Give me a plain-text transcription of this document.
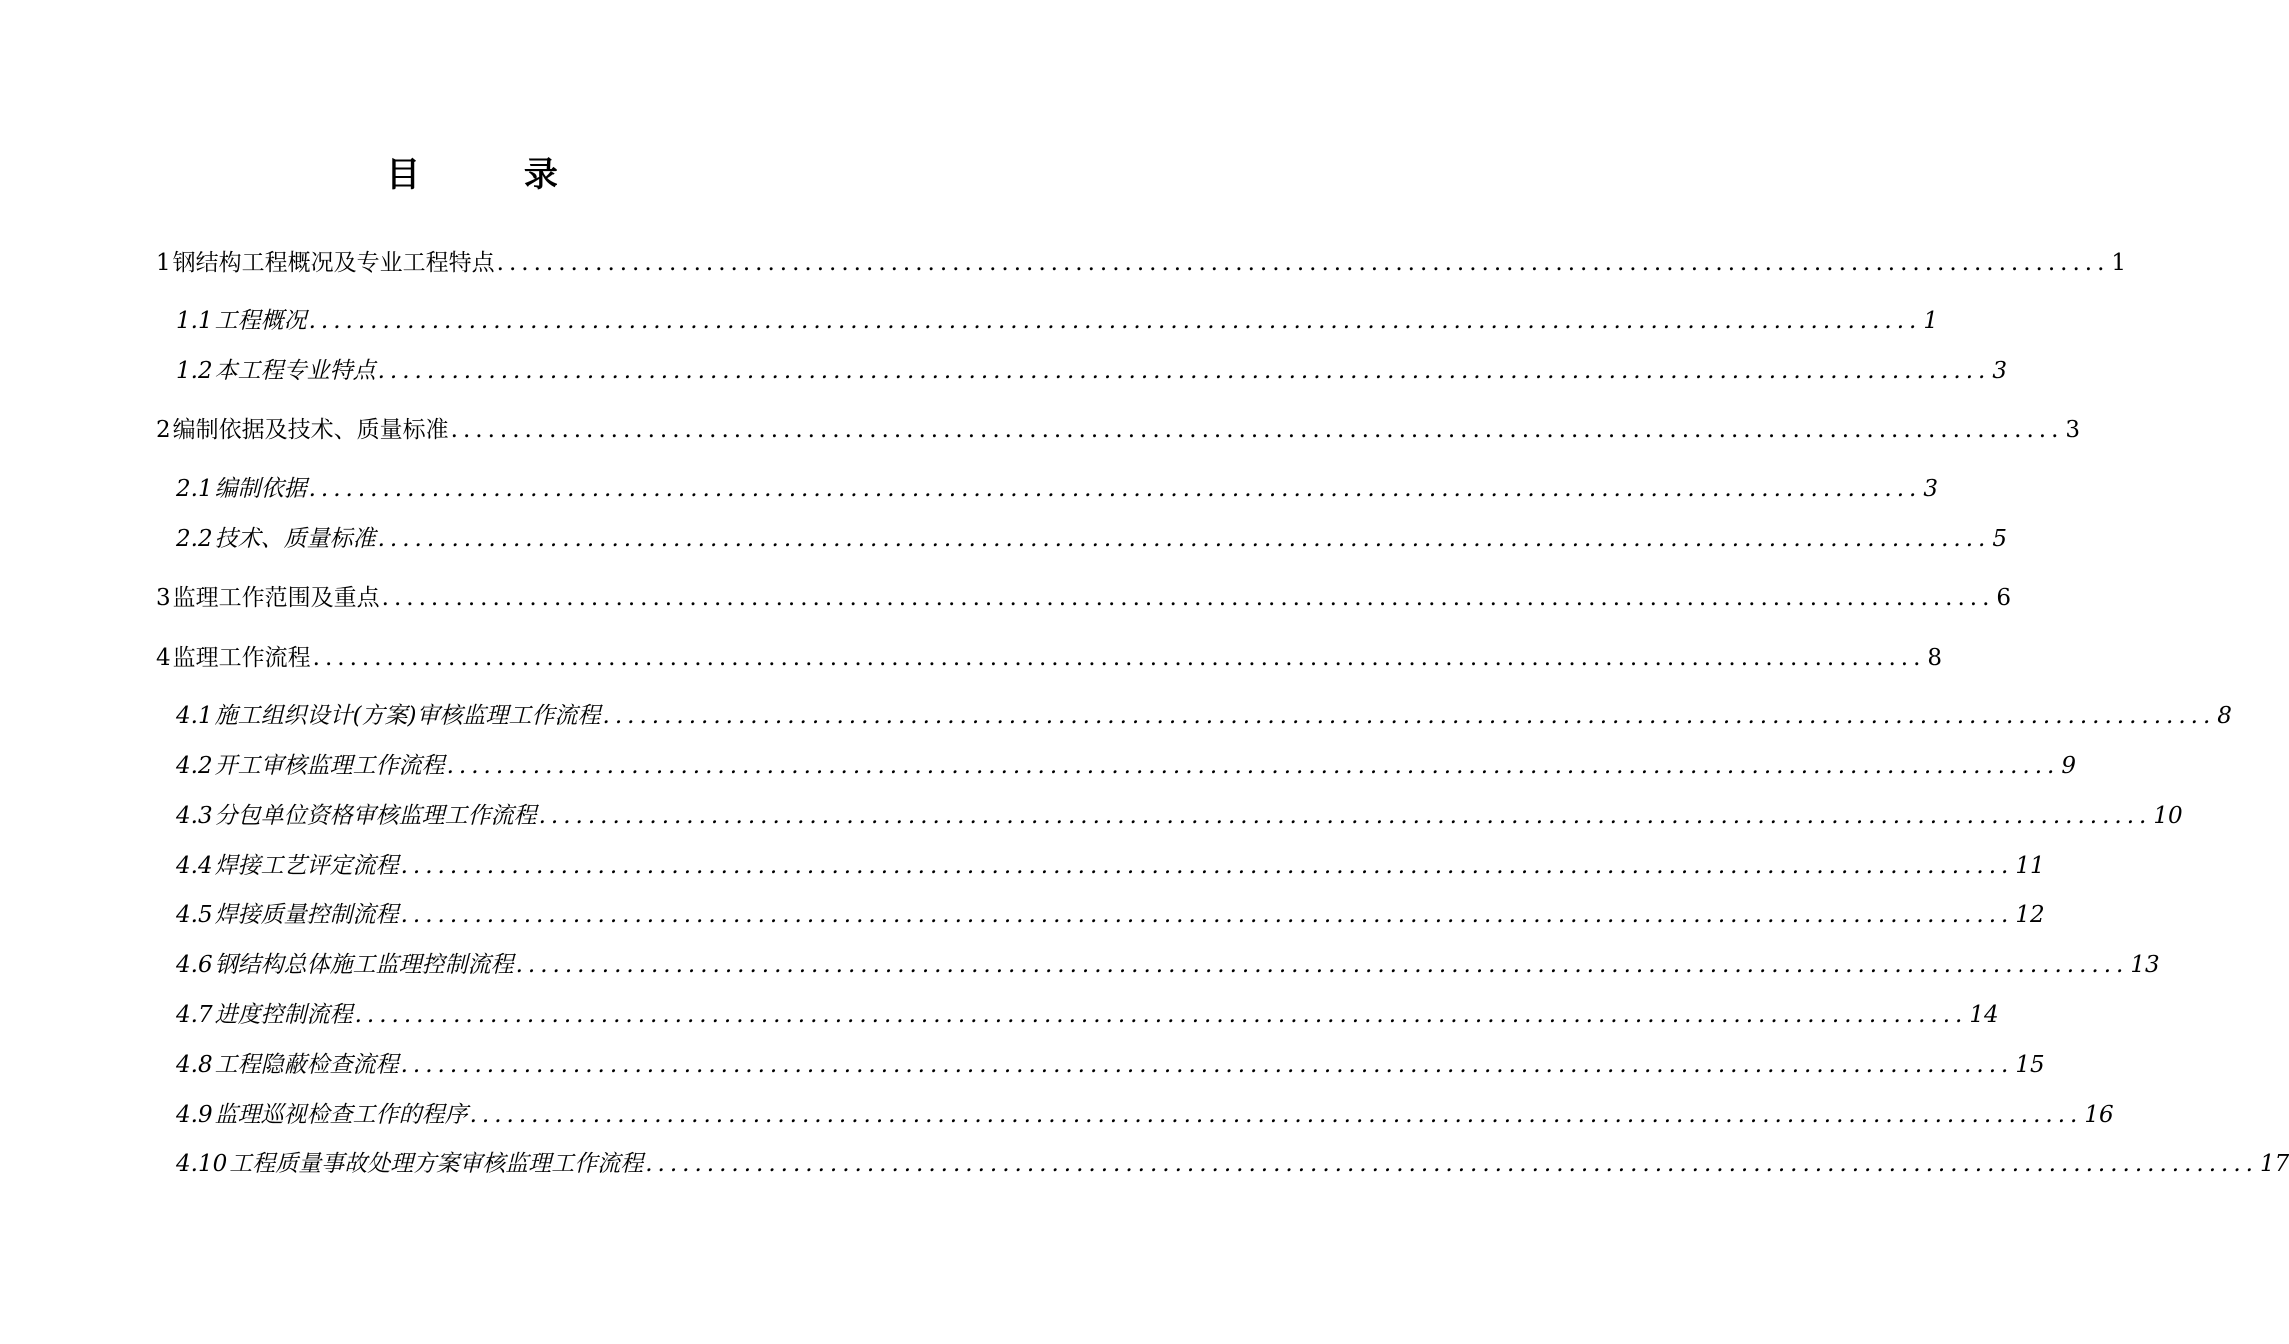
目 录
1 钢结构工程概况及专业工程特点 ................................................................................................................................... 1
1.1 工程概况 ................................................................................................................................... 1
1.2 本工程专业特点 ................................................................................................................................... 3
2 编制依据及技术、质量标准 ................................................................................................................................... 3
2.1 编制依据 ................................................................................................................................... 3
2.2 技术、质量标准 ................................................................................................................................... 5
3 监理工作范围及重点 ................................................................................................................................... 6
4 监理工作流程 ................................................................................................................................... 8
4.1 施工组织设计(方案)审核监理工作流程 ................................................................................................................................... 8
4.2 开工审核监理工作流程 ................................................................................................................................... 9
4.3 分包单位资格审核监理工作流程 ................................................................................................................................... 10
4.4 焊接工艺评定流程 ................................................................................................................................... 11
4.5 焊接质量控制流程 ................................................................................................................................... 12
4.6 钢结构总体施工监理控制流程 ................................................................................................................................... 13
4.7 进度控制流程 ................................................................................................................................... 14
4.8 工程隐蔽检查流程 ................................................................................................................................... 15
4.9 监理巡视检查工作的程序 ................................................................................................................................... 16
4.10 工程质量事故处理方案审核监理工作流程 ................................................................................................................................... 17
